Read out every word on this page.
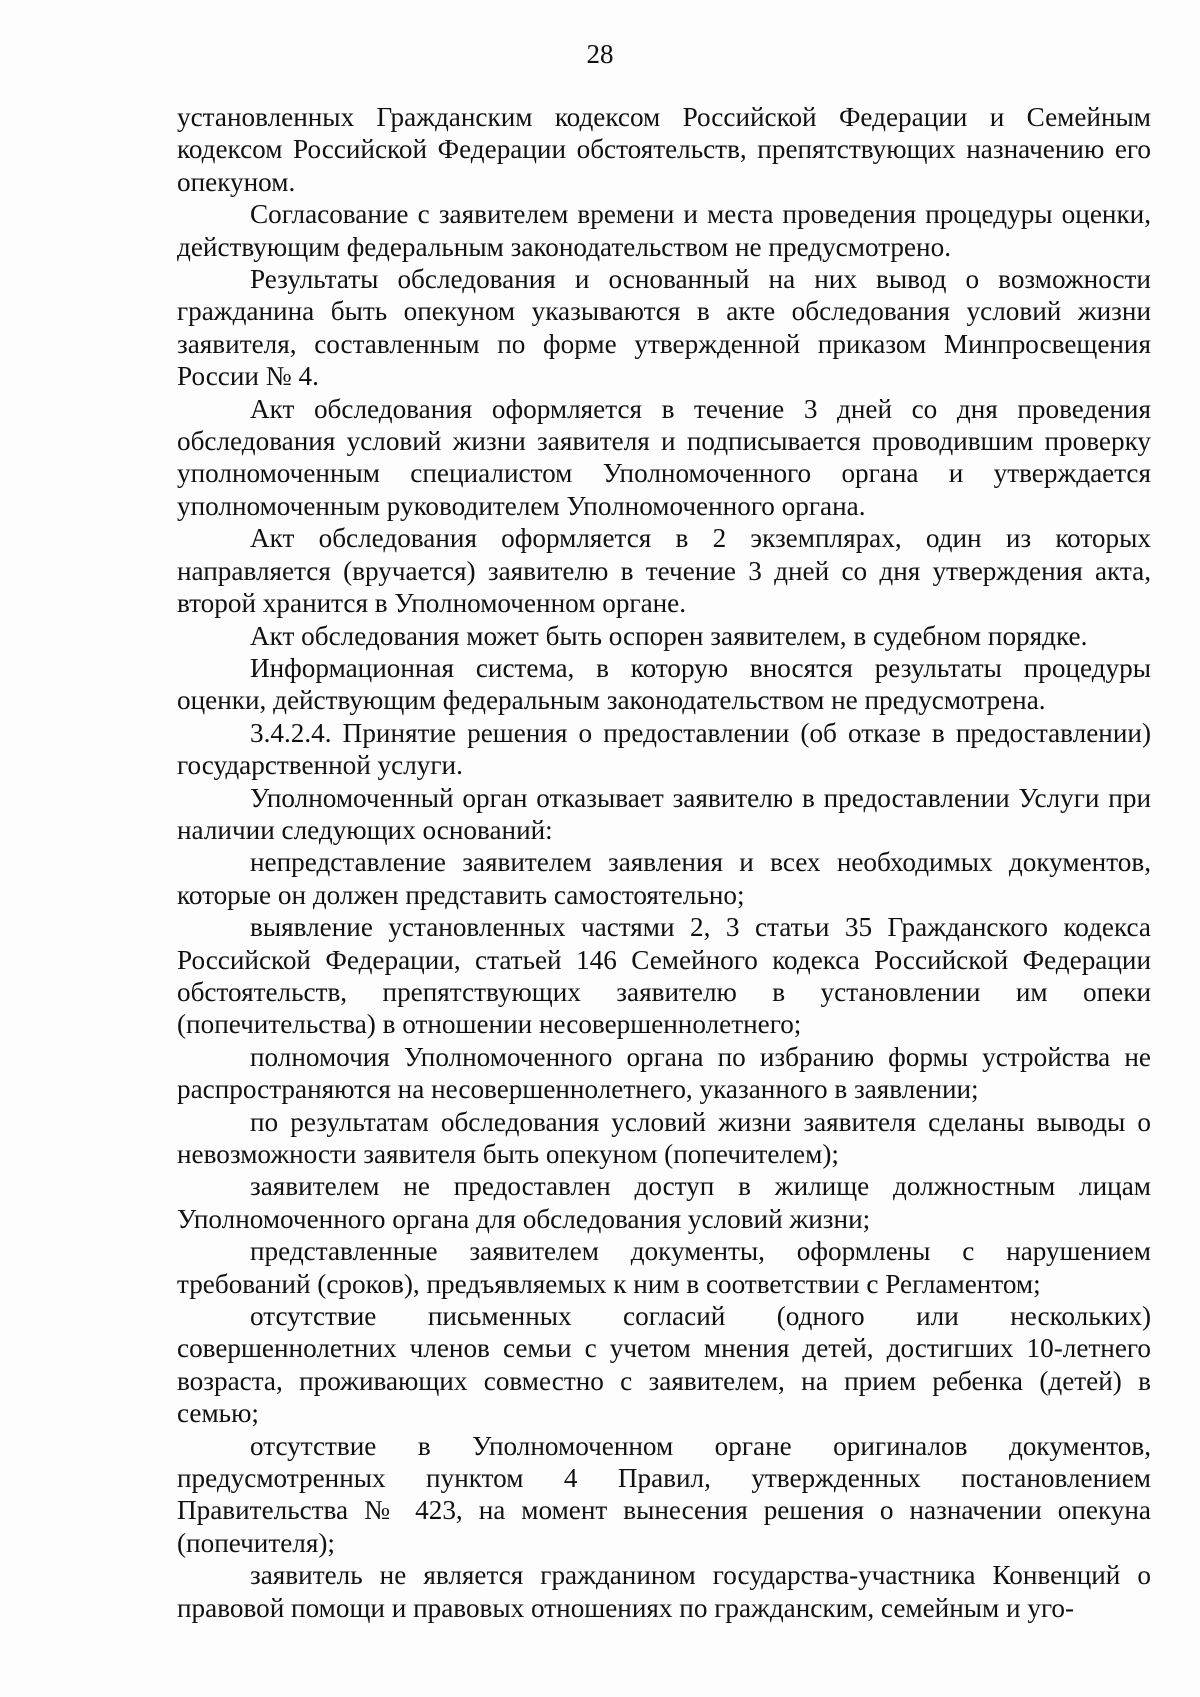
28

установленных Гражданским кодексом Российской Федерации и Семейным кодексом Российской Федерации обстоятельств, препятствующих назначению его опекуном.

Согласование с заявителем времени и места проведения процедуры оценки, действующим федеральным законодательством не предусмотрено.

Результаты обследования и основанный на них вывод о возможности гражданина быть опекуном указываются в акте обследования условий жизни заявителя, составленным по форме утвержденной приказом Минпросвещения России № 4.

Акт обследования оформляется в течение 3 дней со дня проведения обследования условий жизни заявителя и подписывается проводившим проверку уполномоченным специалистом Уполномоченного органа и утверждается уполномоченным руководителем Уполномоченного органа.

Акт обследования оформляется в 2 экземплярах, один из которых направляется (вручается) заявителю в течение 3 дней со дня утверждения акта, второй хранится в Уполномоченном органе.

Акт обследования может быть оспорен заявителем, в судебном порядке.

Информационная система, в которую вносятся результаты процедуры оценки, действующим федеральным законодательством не предусмотрена.

3.4.2.4. Принятие решения о предоставлении (об отказе в предоставлении) государственной услуги.

Уполномоченный орган отказывает заявителю в предоставлении Услуги при наличии следующих оснований:

непредставление заявителем заявления и всех необходимых документов, которые он должен представить самостоятельно;

выявление установленных частями 2, 3 статьи 35 Гражданского кодекса Российской Федерации, статьей 146 Семейного кодекса Российской Федерации обстоятельств, препятствующих заявителю в установлении им опеки (попечительства) в отношении несовершеннолетнего;

полномочия Уполномоченного органа по избранию формы устройства не распространяются на несовершеннолетнего, указанного в заявлении;

по результатам обследования условий жизни заявителя сделаны выводы о невозможности заявителя быть опекуном (попечителем);

заявителем не предоставлен доступ в жилище должностным лицам Уполномоченного органа для обследования условий жизни;

представленные заявителем документы, оформлены с нарушением требований (сроков), предъявляемых к ним в соответствии с Регламентом;

отсутствие письменных согласий (одного или нескольких) совершеннолетних членов семьи с учетом мнения детей, достигших 10-летнего возраста, проживающих совместно с заявителем, на прием ребенка (детей) в семью;

отсутствие в Уполномоченном органе оригиналов документов, предусмотренных пунктом 4 Правил, утвержденных постановлением Правительства № 423, на момент вынесения решения о назначении опекуна (попечителя);

заявитель не является гражданином государства-участника Конвенций о правовой помощи и правовых отношениях по гражданским, семейным и уго-
